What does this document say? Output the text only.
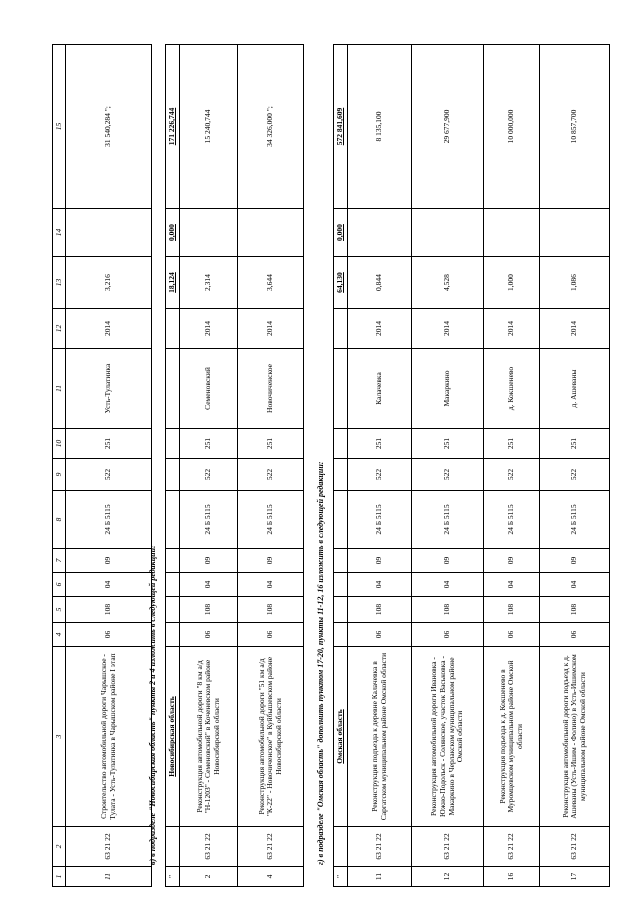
1	2	3	4	5	6	7	8	9	10	11	12	13	14	15
11	63 21 22	Строительство автомобильной дороги Чарышское - Тулата - Усть-Тулатинка в Чарышском районе I этап	06	108	04	09	24 Б 5115	522	251	Усть-Тулатинка	2014	3,216		31 540,284 ";
в) в подразделе "Новосибирская область" пункты 2 и 4 изложить в следующей редакции:
"		Новосибирская область										18,124	0,000	171 226,744
2	63 21 22	Реконструкция автомобильной дороги "8 км а/д "Н-1203" - Семеновский" в Коченевском районе Новосибирской области	06	108	04	09	24 Б 5115	522	251	Семеновский	2014	2,314		15 240,744
4	63 21 22	Реконструкция автомобильной дороги "51 км а/д "К-22" - Новочиченское" в Куйбышевском районе Новосибирской области	06	108	04	09	24 Б 5115	522	251	Новочиченское	2014	3,644		34 326,000 ";
г) в подразделе "Омская область" дополнить пунктом 17-20, пункты 11-12, 16 изложить в следующей редакции:
"		Омская область										64,130	0,000	572 841,609
11	63 21 22	Реконструкция подъезда к деревне Калачевка в Саргатском муниципальном районе Омской области	06	108	04	09	24 Б 5115	522	251	Калачевка	2014	0,844		8 135,100
12	63 21 22	Реконструкция автомобильной дороги Ивановка - Южно-Подольск - Солянское, участок Васьковка - Макаркино в Черлакском муниципальном районе Омской области	06	108	04	09	24 Б 5115	522	251	Макаркино	2014	4,528		29 677,900
16	63 21 22	Реконструкция подъезда к д. Кокшенево в Муромцевском муниципальном районе Омской области	06	108	04	09	24 Б 5115	522	251	д. Кокшенево	2014	1,000		10 000,000
17	63 21 22	Реконструкция автомобильной дороги подъезд к д. Ашеваны (Усть-Ишим - Фолино) в Усть-Ишимском муниципальном районе Омской области	06	108	04	09	24 Б 5115	522	251	д. Ашеваны	2014	1,086		10 857,700
